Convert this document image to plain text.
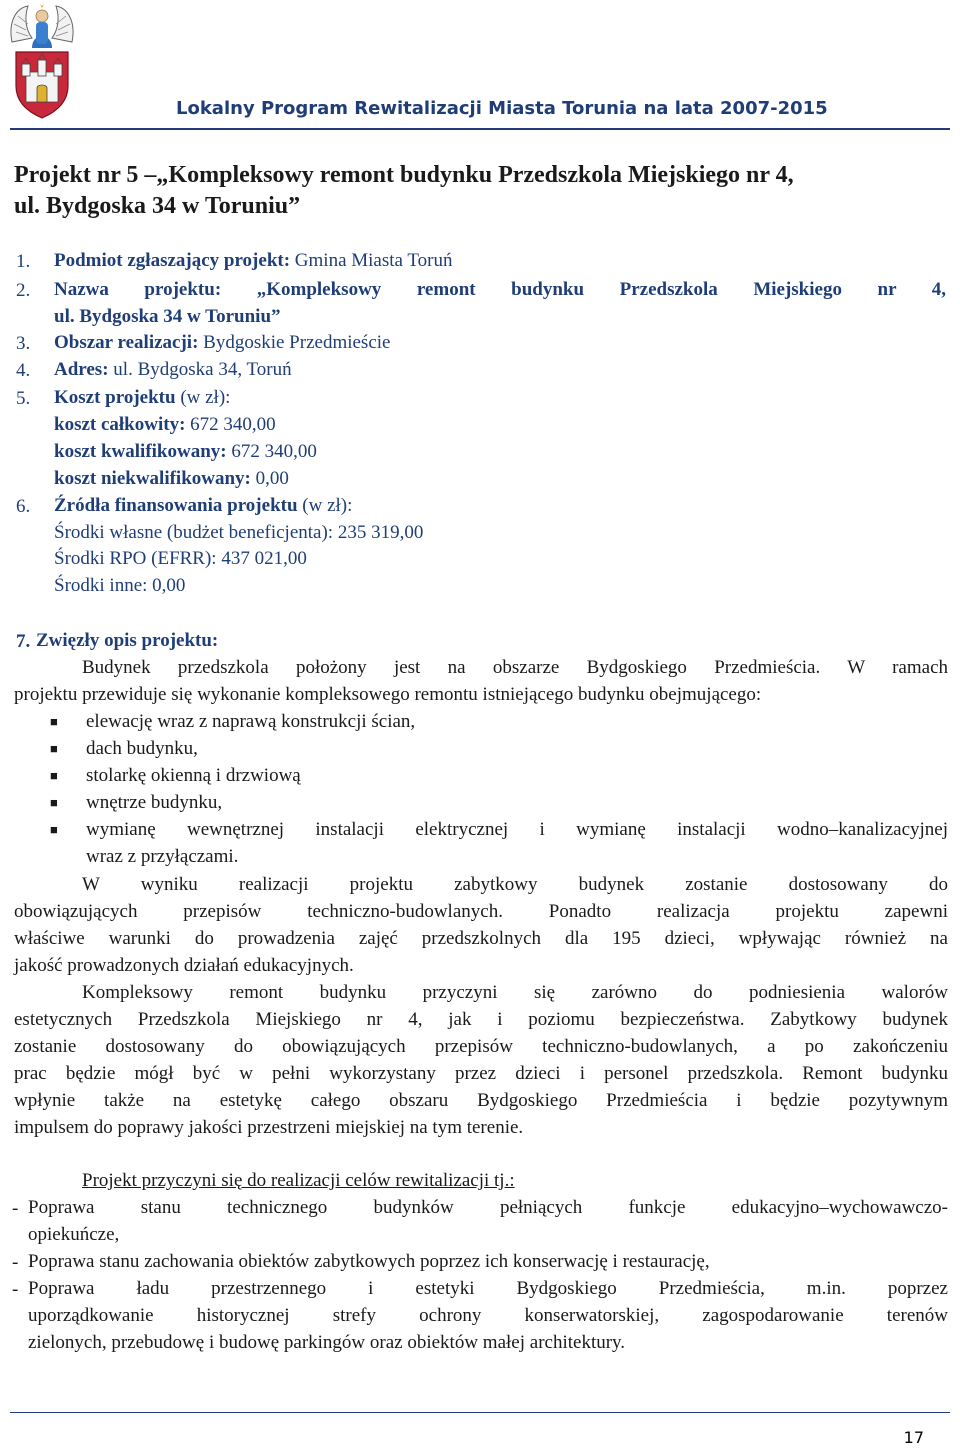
Lokalny Program Rewitalizacji Miasta Torunia na lata 2007-2015
Projekt nr 5 –„Kompleksowy remont budynku Przedszkola Miejskiego nr 4,
ul. Bydgoska 34 w Toruniu”
1. Podmiot zgłaszający projekt: Gmina Miasta Toruń
2. Nazwa projektu: „Kompleksowy remont budynku Przedszkola Miejskiego nr 4,
ul. Bydgoska 34 w Toruniu”
3. Obszar realizacji: Bydgoskie Przedmieście
4. Adres: ul. Bydgoska 34, Toruń
5. Koszt projektu (w zł):
koszt całkowity: 672 340,00
koszt kwalifikowany: 672 340,00
koszt niekwalifikowany: 0,00
6. Źródła finansowania projektu (w zł):
Środki własne (budżet beneficjenta): 235 319,00
Środki RPO (EFRR): 437 021,00
Środki inne: 0,00
7. Zwięzły opis projektu:
Budynek przedszkola położony jest na obszarze Bydgoskiego Przedmieścia. W ramach
projektu przewiduje się wykonanie kompleksowego remontu istniejącego budynku obejmującego:
■ elewację wraz z naprawą konstrukcji ścian,
■ dach budynku,
■ stolarkę okienną i drzwiową
■ wnętrze budynku,
■ wymianę wewnętrznej instalacji elektrycznej i wymianę instalacji wodno–kanalizacyjnej
wraz z przyłączami.
W wyniku realizacji projektu zabytkowy budynek zostanie dostosowany do
obowiązujących przepisów techniczno-budowlanych. Ponadto realizacja projektu zapewni
właściwe warunki do prowadzenia zajęć przedszkolnych dla 195 dzieci, wpływając również na
jakość prowadzonych działań edukacyjnych.
Kompleksowy remont budynku przyczyni się zarówno do podniesienia walorów
estetycznych Przedszkola Miejskiego nr 4, jak i poziomu bezpieczeństwa. Zabytkowy budynek
zostanie dostosowany do obowiązujących przepisów techniczno-budowlanych, a po zakończeniu
prac będzie mógł być w pełni wykorzystany przez dzieci i personel przedszkola. Remont budynku
wpłynie także na estetykę całego obszaru Bydgoskiego Przedmieścia i będzie pozytywnym
impulsem do poprawy jakości przestrzeni miejskiej na tym terenie.
Projekt przyczyni się do realizacji celów rewitalizacji tj.:
- Poprawa stanu technicznego budynków pełniących funkcje edukacyjno–wychowawczo-
opiekuńcze,
- Poprawa stanu zachowania obiektów zabytkowych poprzez ich konserwację i restaurację,
- Poprawa ładu przestrzennego i estetyki Bydgoskiego Przedmieścia, m.in. poprzez
uporządkowanie historycznej strefy ochrony konserwatorskiej, zagospodarowanie terenów
zielonych, przebudowę i budowę parkingów oraz obiektów małej architektury.
17
